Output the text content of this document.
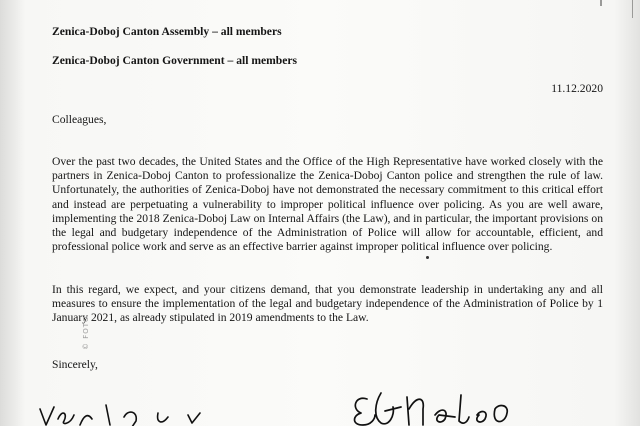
Zenica-Doboj Canton Assembly – all members
Zenica-Doboj Canton Government – all members
11.12.2020
Colleagues,
Over the past two decades, the United States and the Office of the High Representative have worked closely with the partners in Zenica-Doboj Canton to professionalize the Zenica-Doboj Canton police and strengthen the rule of law. Unfortunately, the authorities of Zenica-Doboj have not demonstrated the necessary commitment to this critical effort and instead are perpetuating a vulnerability to improper political influence over policing. As you are well aware, implementing the 2018 Zenica-Doboj Law on Internal Affairs (the Law), and in particular, the important provisions on the legal and budgetary independence of the Administration of Police will allow for accountable, efficient, and professional police work and serve as an effective barrier against improper political influence over policing.
In this regard, we expect, and your citizens demand, that you demonstrate leadership in undertaking any and all measures to ensure the implementation of the legal and budgetary independence of the Administration of Police by 1 January 2021, as already stipulated in 2019 amendments to the Law.
Sincerely,
© FOTO
